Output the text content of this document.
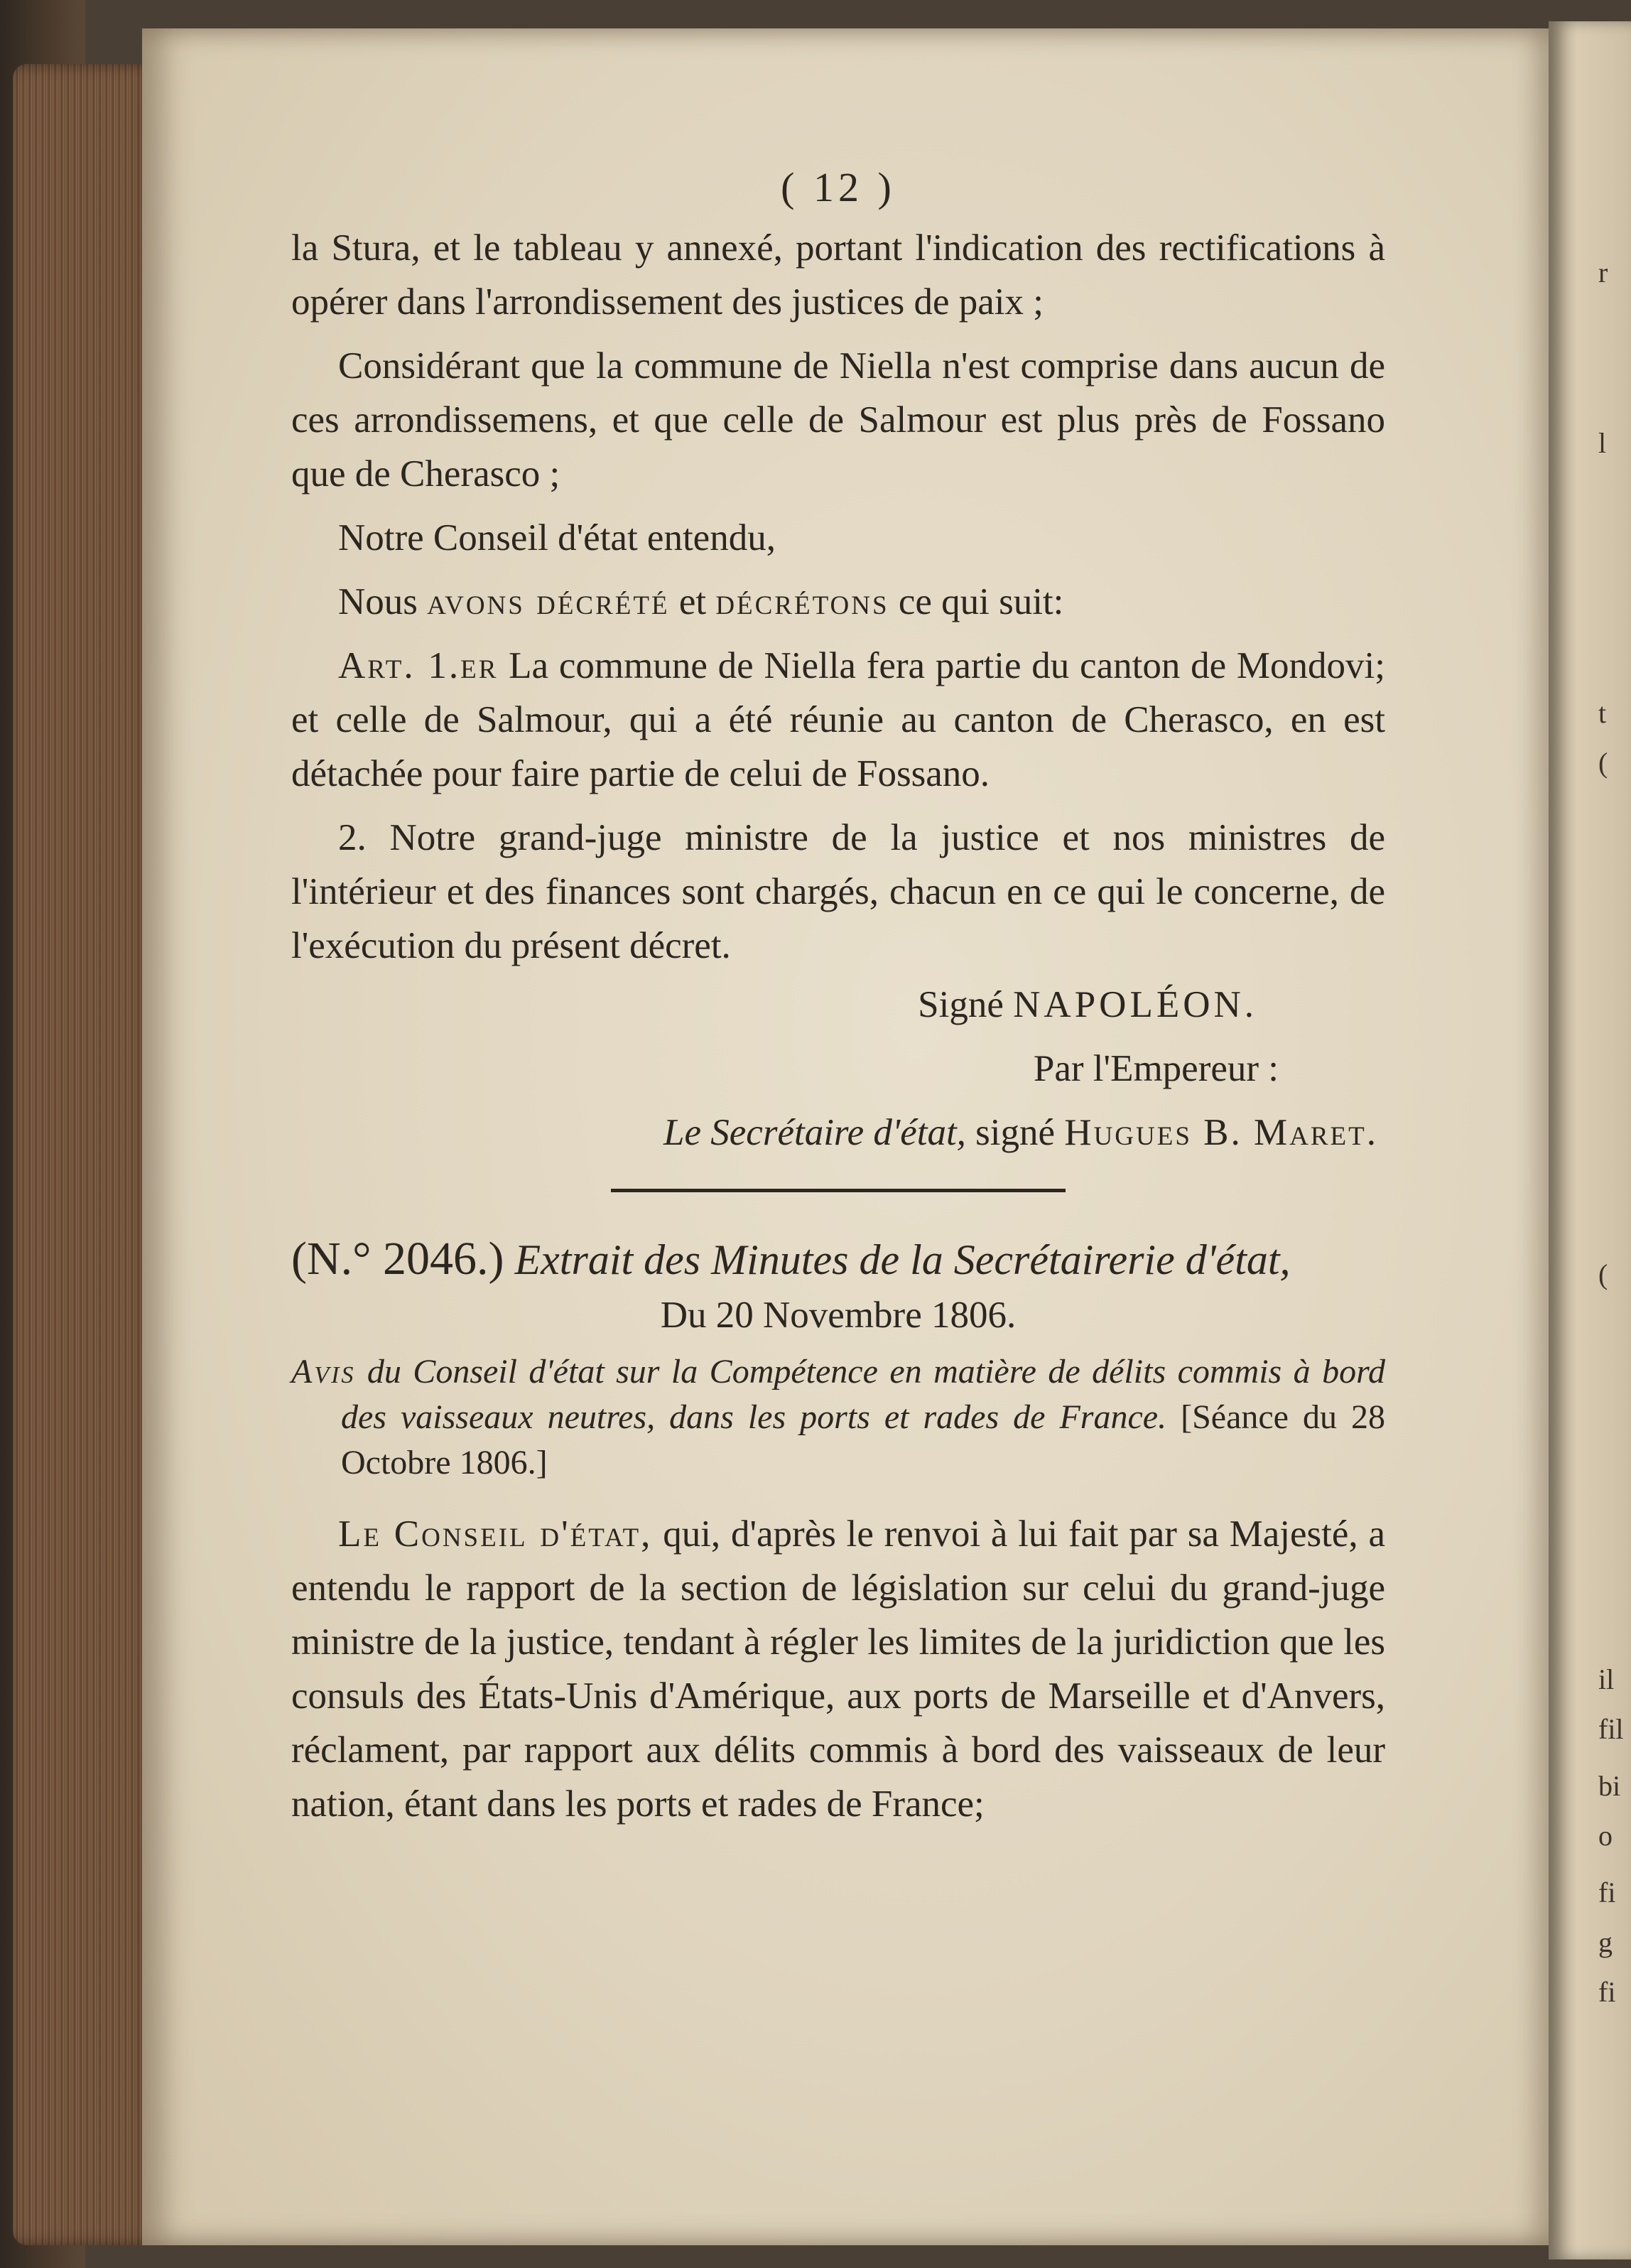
r
l
t
(
(
il
fil
bi
o
fi
g
fi
( 12 )

la Stura, et le tableau y annexé, portant l'indication des rectifications à opérer dans l'arrondissement des justices de paix ;

Considérant que la commune de Niella n'est comprise dans aucun de ces arrondissemens, et que celle de Salmour est plus près de Fossano que de Cherasco ;

Notre Conseil d'état entendu,

Nous avons décrété et décrétons ce qui suit:

Art. 1.er La commune de Niella fera partie du canton de Mondovi; et celle de Salmour, qui a été réunie au canton de Cherasco, en est détachée pour faire partie de celui de Fossano.

2. Notre grand-juge ministre de la justice et nos ministres de l'intérieur et des finances sont chargés, chacun en ce qui le concerne, de l'exécution du présent décret.

Signé NAPOLÉON.
Par l'Empereur :
Le Secrétaire d'état, signé Hugues B. Maret.
(N.° 2046.) Extrait des Minutes de la Secrétairerie d'état,
Du 20 Novembre 1806.

Avis du Conseil d'état sur la Compétence en matière de délits commis à bord des vaisseaux neutres, dans les ports et rades de France. [Séance du 28 Octobre 1806.]

Le Conseil d'état, qui, d'après le renvoi à lui fait par sa Majesté, a entendu le rapport de la section de législation sur celui du grand-juge ministre de la justice, tendant à régler les limites de la juridiction que les consuls des États-Unis d'Amérique, aux ports de Marseille et d'Anvers, réclament, par rapport aux délits commis à bord des vaisseaux de leur nation, étant dans les ports et rades de France;
